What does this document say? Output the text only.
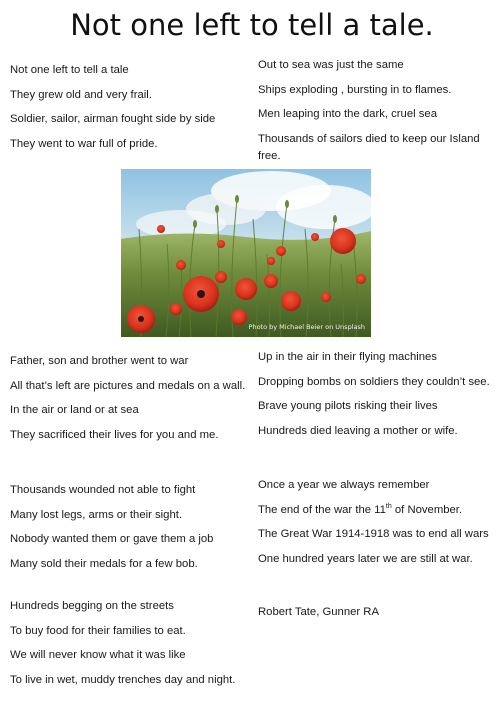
Not one left to tell a tale.
Not one left to tell a tale
They grew old and very frail.
Soldier, sailor, airman fought side by side
They went to war full of pride.
Father, son and brother went to war
All that’s left are pictures and medals on a wall.
In the air or land or at sea
They sacrificed their lives for you and me.
Thousands wounded not able to fight
Many lost legs, arms or their sight.
Nobody wanted them or gave them a job
Many sold their medals for a few bob.
Hundreds begging on the streets
To buy food for their families to eat.
We will never know what it was like
To live in wet, muddy trenches day and night.
Out to sea was just the same
Ships exploding , bursting in to flames.
Men leaping into the dark, cruel sea
Thousands of sailors died to keep our Island free.
Up in the air in their flying machines
Dropping bombs on soldiers they couldn’t see.
Brave young pilots risking their lives
Hundreds died leaving a mother or wife.
Once a year we always remember
The end of the war the 11th of November.
The Great War 1914-1918 was to end all wars
One hundred years later we are still at war.
Robert Tate, Gunner RA
Photo by Michael Beier on Unsplash
